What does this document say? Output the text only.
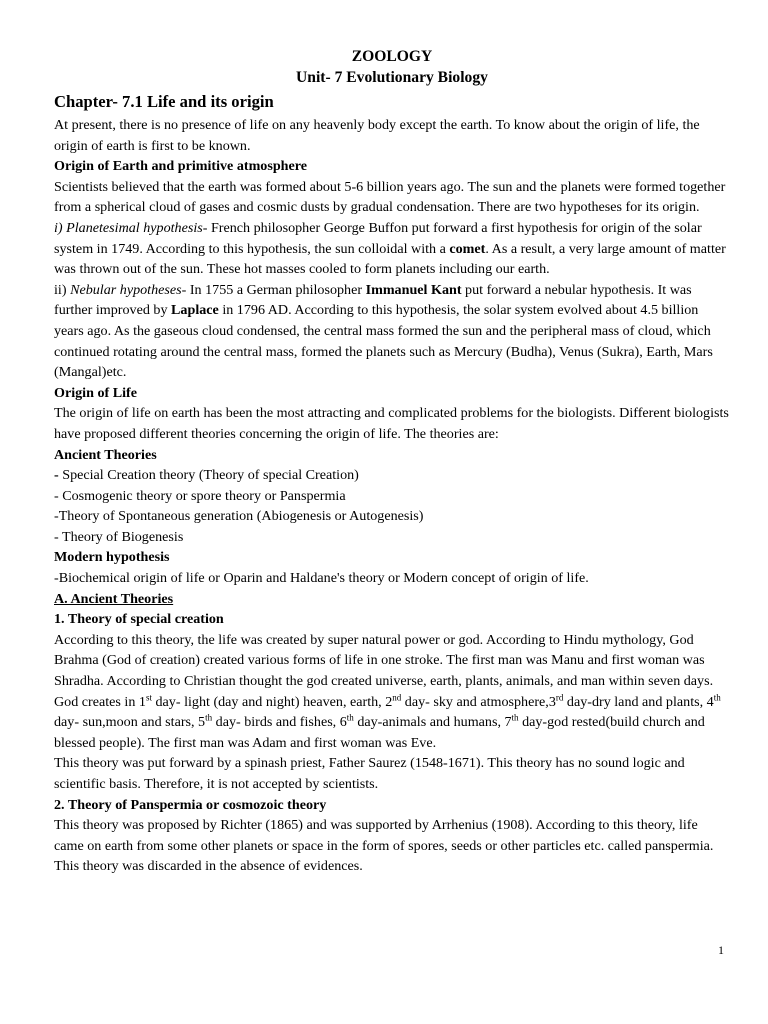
ZOOLOGY

Unit- 7 Evolutionary Biology

Chapter- 7.1 Life and its origin

At present, there is no presence of life on any heavenly body except the earth. To know about the origin of life, the origin of earth is first to be known.

Origin of Earth and primitive atmosphere

Scientists believed that the earth was formed about 5-6 billion years ago. The sun and the planets were formed together from a spherical cloud of gases and cosmic dusts by gradual condensation. There are two hypotheses for its origin.

i) Planetesimal hypothesis- French philosopher George Buffon put forward a first hypothesis for origin of the solar system in 1749. According to this hypothesis, the sun colloidal with a comet. As a result, a very large amount of matter was thrown out of the sun. These hot masses cooled to form planets including our earth.

ii) Nebular hypotheses- In 1755 a German philosopher Immanuel Kant put forward a nebular hypothesis. It was further improved by Laplace in 1796 AD. According to this hypothesis, the solar system evolved about 4.5 billion years ago. As the gaseous cloud condensed, the central mass formed the sun and the peripheral mass of cloud, which continued rotating around the central mass, formed the planets such as Mercury (Budha), Venus (Sukra), Earth, Mars (Mangal)etc.

Origin of Life

The origin of life on earth has been the most attracting and complicated problems for the biologists. Different biologists have proposed different theories concerning the origin of life. The theories are:

Ancient Theories

- Special Creation theory (Theory of special Creation)
- Cosmogenic theory or spore theory or Panspermia
-Theory of Spontaneous generation (Abiogenesis or Autogenesis)
- Theory of Biogenesis

Modern hypothesis

-Biochemical origin of life or Oparin and Haldane's theory or Modern concept of origin of life.

A. Ancient Theories

1. Theory of special creation

According to this theory, the life was created by super natural power or god. According to Hindu mythology, God Brahma (God of creation) created various forms of life in one stroke. The first man was Manu and first woman was Shradha. According to Christian thought the god created universe, earth, plants, animals, and man within seven days. God creates in 1st day- light (day and night) heaven, earth, 2nd day- sky and atmosphere,3rd day-dry land and plants, 4th day- sun,moon and stars, 5th day- birds and fishes, 6th day-animals and humans, 7th day-god rested(build church and blessed people). The first man was Adam and first woman was Eve.

This theory was put forward by a spinash priest, Father Saurez (1548-1671). This theory has no sound logic and scientific basis. Therefore, it is not accepted by scientists.

2. Theory of Panspermia or cosmozoic theory

This theory was proposed by Richter (1865) and was supported by Arrhenius (1908). According to this theory, life came on earth from some other planets or space in the form of spores, seeds or other particles etc. called panspermia. This theory was discarded in the absence of evidences.

1
